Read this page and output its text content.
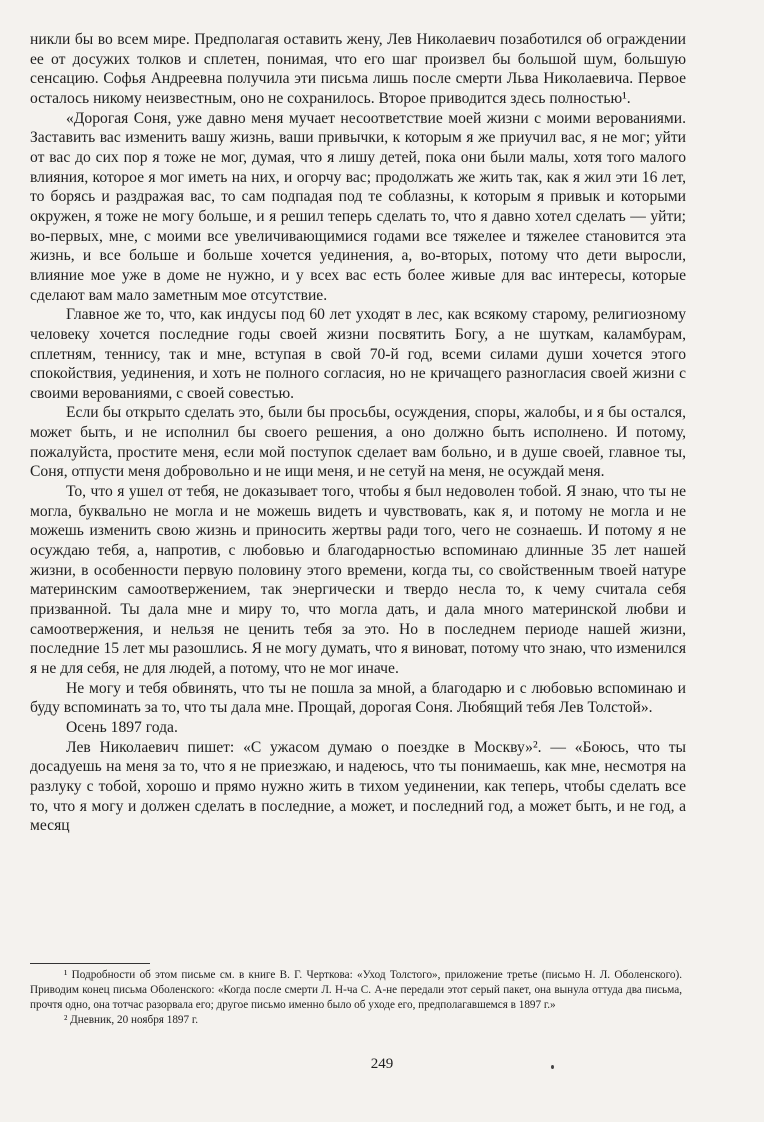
никли бы во всем мире. Предполагая оставить жену, Лев Николаевич позаботился об ограждении ее от досужих толков и сплетен, понимая, что его шаг произвел бы большой шум, большую сенсацию. Софья Андреевна получила эти письма лишь после смерти Льва Николаевича. Первое осталось никому неизвестным, оно не сохранилось. Второе приводится здесь полностью¹.

«Дорогая Соня, уже давно меня мучает несоответствие моей жизни с моими верованиями. Заставить вас изменить вашу жизнь, ваши привычки, к которым я же приучил вас, я не мог; уйти от вас до сих пор я тоже не мог, думая, что я лишу детей, пока они были малы, хотя того малого влияния, которое я мог иметь на них, и огорчу вас; продолжать же жить так, как я жил эти 16 лет, то борясь и раздражая вас, то сам подпадая под те соблазны, к которым я привык и которыми окружен, я тоже не могу больше, и я решил теперь сделать то, что я давно хотел сделать — уйти; во-первых, мне, с моими все увеличивающимися годами все тяжелее и тяжелее становится эта жизнь, и все больше и больше хочется уединения, а, во-вторых, потому что дети выросли, влияние мое уже в доме не нужно, и у всех вас есть более живые для вас интересы, которые сделают вам мало заметным мое отсутствие.

Главное же то, что, как индусы под 60 лет уходят в лес, как всякому старому, религиозному человеку хочется последние годы своей жизни посвятить Богу, а не шуткам, каламбурам, сплетням, теннису, так и мне, вступая в свой 70-й год, всеми силами души хочется этого спокойствия, уединения, и хоть не полного согласия, но не кричащего разногласия своей жизни с своими верованиями, с своей совестью.

Если бы открыто сделать это, были бы просьбы, осуждения, споры, жалобы, и я бы остался, может быть, и не исполнил бы своего решения, а оно должно быть исполнено. И потому, пожалуйста, простите меня, если мой поступок сделает вам больно, и в душе своей, главное ты, Соня, отпусти меня добровольно и не ищи меня, и не сетуй на меня, не осуждай меня.

То, что я ушел от тебя, не доказывает того, чтобы я был недоволен тобой. Я знаю, что ты не могла, буквально не могла и не можешь видеть и чувствовать, как я, и потому не могла и не можешь изменить свою жизнь и приносить жертвы ради того, чего не сознаешь. И потому я не осуждаю тебя, а, напротив, с любовью и благодарностью вспоминаю длинные 35 лет нашей жизни, в особенности первую половину этого времени, когда ты, со свойственным твоей натуре материнским самоотвержением, так энергически и твердо несла то, к чему считала себя призванной. Ты дала мне и миру то, что могла дать, и дала много материнской любви и самоотвержения, и нельзя не ценить тебя за это. Но в последнем периоде нашей жизни, последние 15 лет мы разошлись. Я не могу думать, что я виноват, потому что знаю, что изменился я не для себя, не для людей, а потому, что не мог иначе.

Не могу и тебя обвинять, что ты не пошла за мной, а благодарю и с любовью вспоминаю и буду вспоминать за то, что ты дала мне. Прощай, дорогая Соня. Любящий тебя Лев Толстой».

Осень 1897 года.

Лев Николаевич пишет: «С ужасом думаю о поездке в Москву»². — «Боюсь, что ты досадуешь на меня за то, что я не приезжаю, и надеюсь, что ты понимаешь, как мне, несмотря на разлуку с тобой, хорошо и прямо нужно жить в тихом уединении, как теперь, чтобы сделать все то, что я могу и должен сделать в последние, а может, и последний год, а может быть, и не год, а месяц

¹ Подробности об этом письме см. в книге В. Г. Черткова: «Уход Толстого», приложение третье (письмо Н. Л. Оболенского). Приводим конец письма Оболенского: «Когда после смерти Л. Н-ча С. А-не передали этот серый пакет, она вынула оттуда два письма, прочтя одно, она тотчас разорвала его; другое письмо именно было об уходе его, предполагавшемся в 1897 г.»

² Дневник, 20 ноября 1897 г.

249
